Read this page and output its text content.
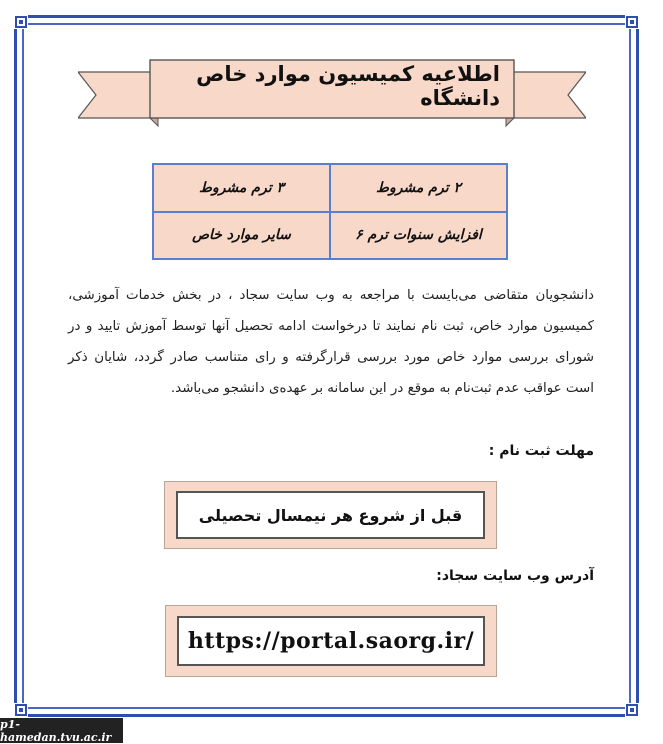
اطلاعیه کمیسیون موارد خاص دانشگاه
۲ ترم مشروط	۳ ترم مشروط
افزایش سنوات ترم ۶	سایر موارد خاص
دانشجویان متقاضی می‌بایست با مراجعه به وب سایت سجاد ، در بخش خدمات آموزشی، کمیسیون موارد خاص، ثبت نام نمایند تا درخواست ادامه تحصیل آنها توسط آموزش تایید و در شورای بررسی موارد خاص مورد بررسی قرارگرفته و رای متناسب صادر گردد، شایان ذکر است عواقب عدم ثبت‌نام به موقع در این سامانه بر عهده‌ی دانشجو می‌باشد.
مهلت ثبت نام :
قبل از شروع هر نیمسال تحصیلی
آدرس وب سایت سجاد:
https://portal.saorg.ir/
p1-hamedan.tvu.ac.ir
